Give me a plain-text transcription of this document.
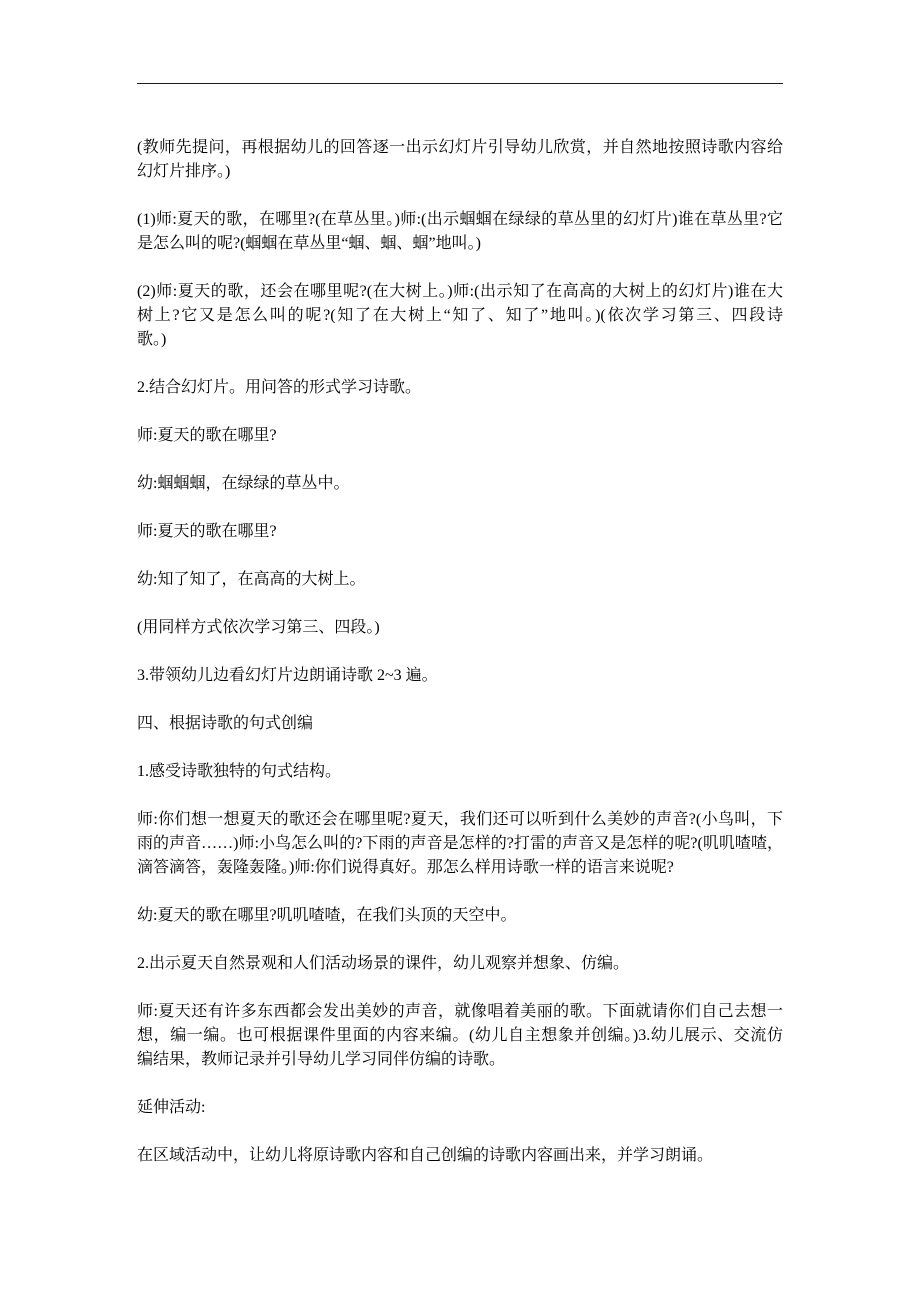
(教师先提问，再根据幼儿的回答逐一出示幻灯片引导幼儿欣赏，并自然地按照诗歌内容给
幻灯片排序。)

(1)师:夏天的歌，在哪里?(在草丛里。)师:(出示蝈蝈在绿绿的草丛里的幻灯片)谁在草丛里?它
是怎么叫的呢?(蝈蝈在草丛里“蝈、蝈、蝈”地叫。)

(2)师:夏天的歌，还会在哪里呢?(在大树上。)师:(出示知了在高高的大树上的幻灯片)谁在大
树上?它又是怎么叫的呢?(知了在大树上“知了、知了”地叫。)(依次学习第三、四段诗
歌。)

2.结合幻灯片。用问答的形式学习诗歌。

师:夏天的歌在哪里?

幼:蝈蝈蝈，在绿绿的草丛中。

师:夏天的歌在哪里?

幼:知了知了，在高高的大树上。

(用同样方式依次学习第三、四段。)

3.带领幼儿边看幻灯片边朗诵诗歌 2~3 遍。

四、根据诗歌的句式创编

1.感受诗歌独特的句式结构。

师:你们想一想夏天的歌还会在哪里呢?夏天，我们还可以听到什么美妙的声音?(小鸟叫，下
雨的声音……)师:小鸟怎么叫的?下雨的声音是怎样的?打雷的声音又是怎样的呢?(叽叽喳喳，
滴答滴答，轰隆轰隆。)师:你们说得真好。那怎么样用诗歌一样的语言来说呢?

幼:夏天的歌在哪里?叽叽喳喳，在我们头顶的天空中。

2.出示夏天自然景观和人们活动场景的课件，幼儿观察并想象、仿编。

师:夏天还有许多东西都会发出美妙的声音，就像唱着美丽的歌。下面就请你们自己去想一
想，编一编。也可根据课件里面的内容来编。(幼儿自主想象并创编。)3.幼儿展示、交流仿
编结果，教师记录并引导幼儿学习同伴仿编的诗歌。

延伸活动:

在区域活动中，让幼儿将原诗歌内容和自己创编的诗歌内容画出来，并学习朗诵。
